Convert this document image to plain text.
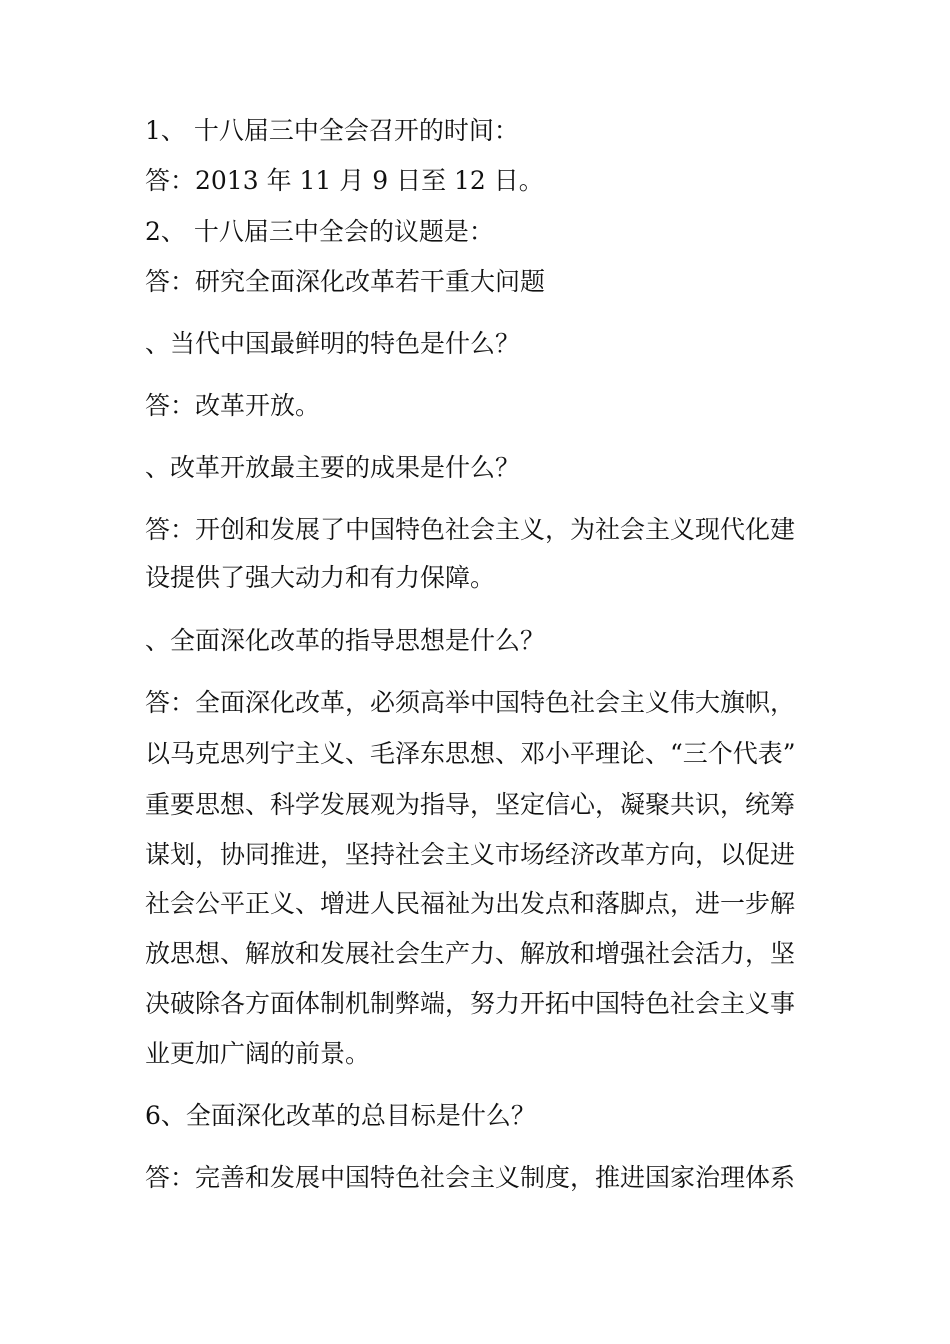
1、 十八届三中全会召开的时间：
答：2013 年 11 月 9 日至 12 日。
2、 十八届三中全会的议题是：
答：研究全面深化改革若干重大问题
、当代中国最鲜明的特色是什么？
答：改革开放。
、改革开放最主要的成果是什么？
答：开创和发展了中国特色社会主义，为社会主义现代化建
设提供了强大动力和有力保障。
、全面深化改革的指导思想是什么？
答：全面深化改革，必须高举中国特色社会主义伟大旗帜，
以马克思列宁主义、毛泽东思想、邓小平理论、“三个代表”
重要思想、科学发展观为指导，坚定信心，凝聚共识，统筹
谋划，协同推进，坚持社会主义市场经济改革方向，以促进
社会公平正义、增进人民福祉为出发点和落脚点，进一步解
放思想、解放和发展社会生产力、解放和增强社会活力，坚
决破除各方面体制机制弊端，努力开拓中国特色社会主义事
业更加广阔的前景。
6、全面深化改革的总目标是什么？
答：完善和发展中国特色社会主义制度，推进国家治理体系
